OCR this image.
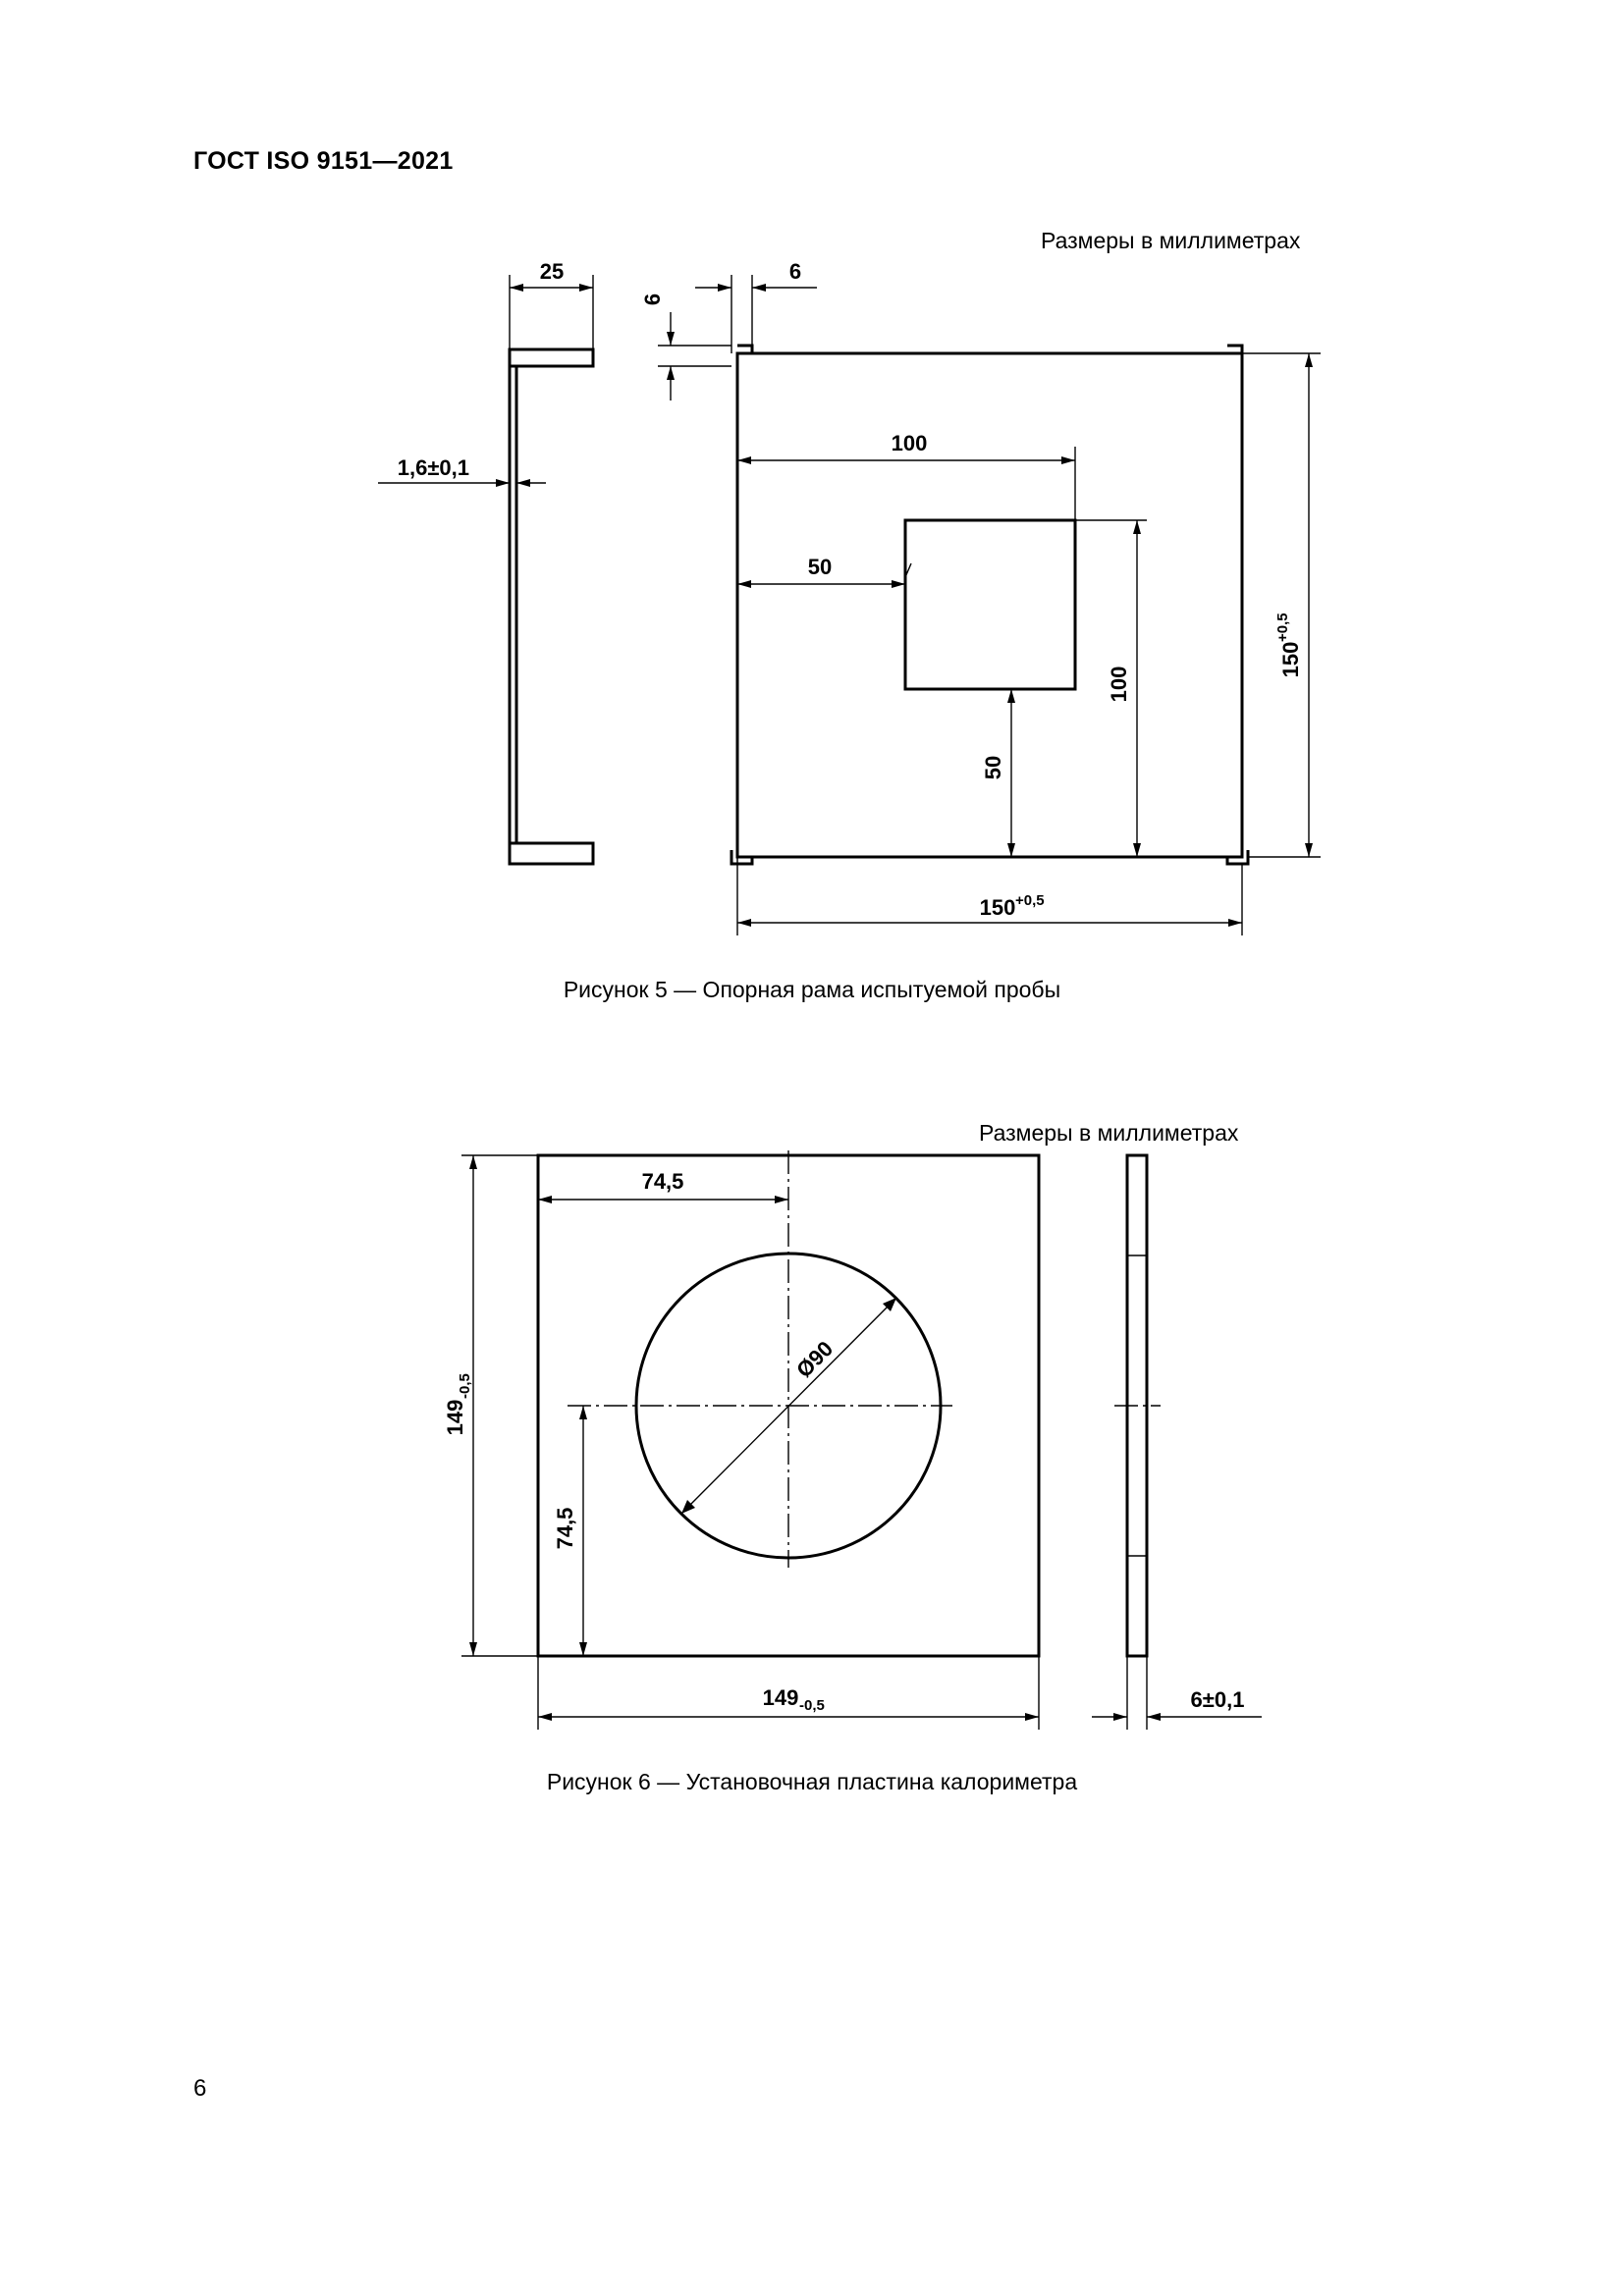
ГОСТ ISO 9151—2021
Размеры в миллиметрах
25
1,6±0,1
6
6
100
50
100
50
150
+0,5
150 +0,5
Рисунок 5 — Опорная рама испытуемой пробы
Размеры в миллиметрах
74,5
74,5
Ø90
149
-0,5
149 -0,5	6±0,1
Рисунок 6 — Установочная пластина калориметра
6
